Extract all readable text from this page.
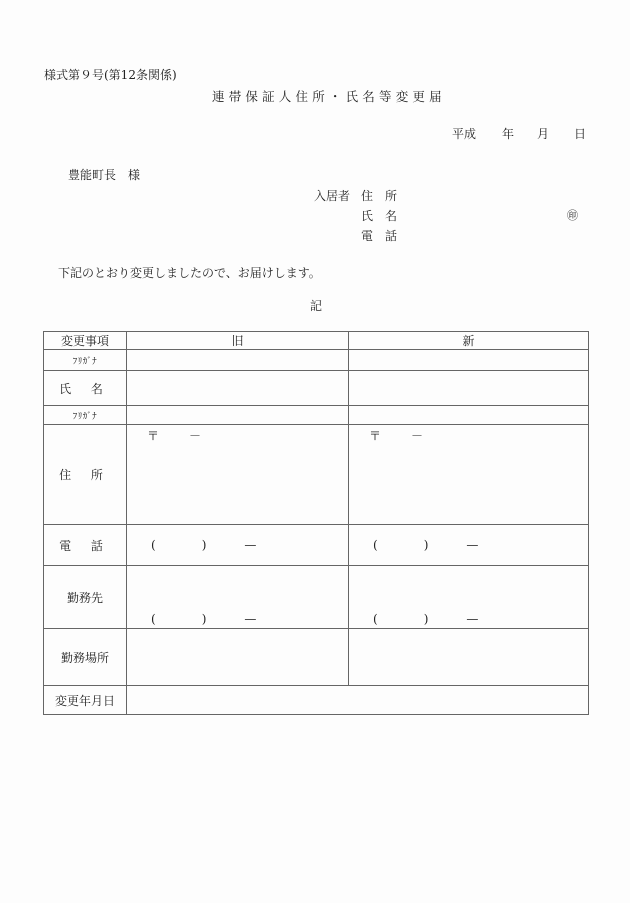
様式第９号(第12条関係)
連帯保証人住所・氏名等変更届
平成 年 月 日
豊能町長　様
入居者 住　所
氏　名	㊞
電　話
下記のとおり変更しましたので、お届けします。
記
変更事項	旧	新
ﾌﾘｶﾞﾅ		
氏 名		
ﾌﾘｶﾞﾅ		
住 所	〒 －	〒 －

電 話	( ) —	( ) —

勤務先	( ) —	( ) —

勤務場所		
変更年月日		
